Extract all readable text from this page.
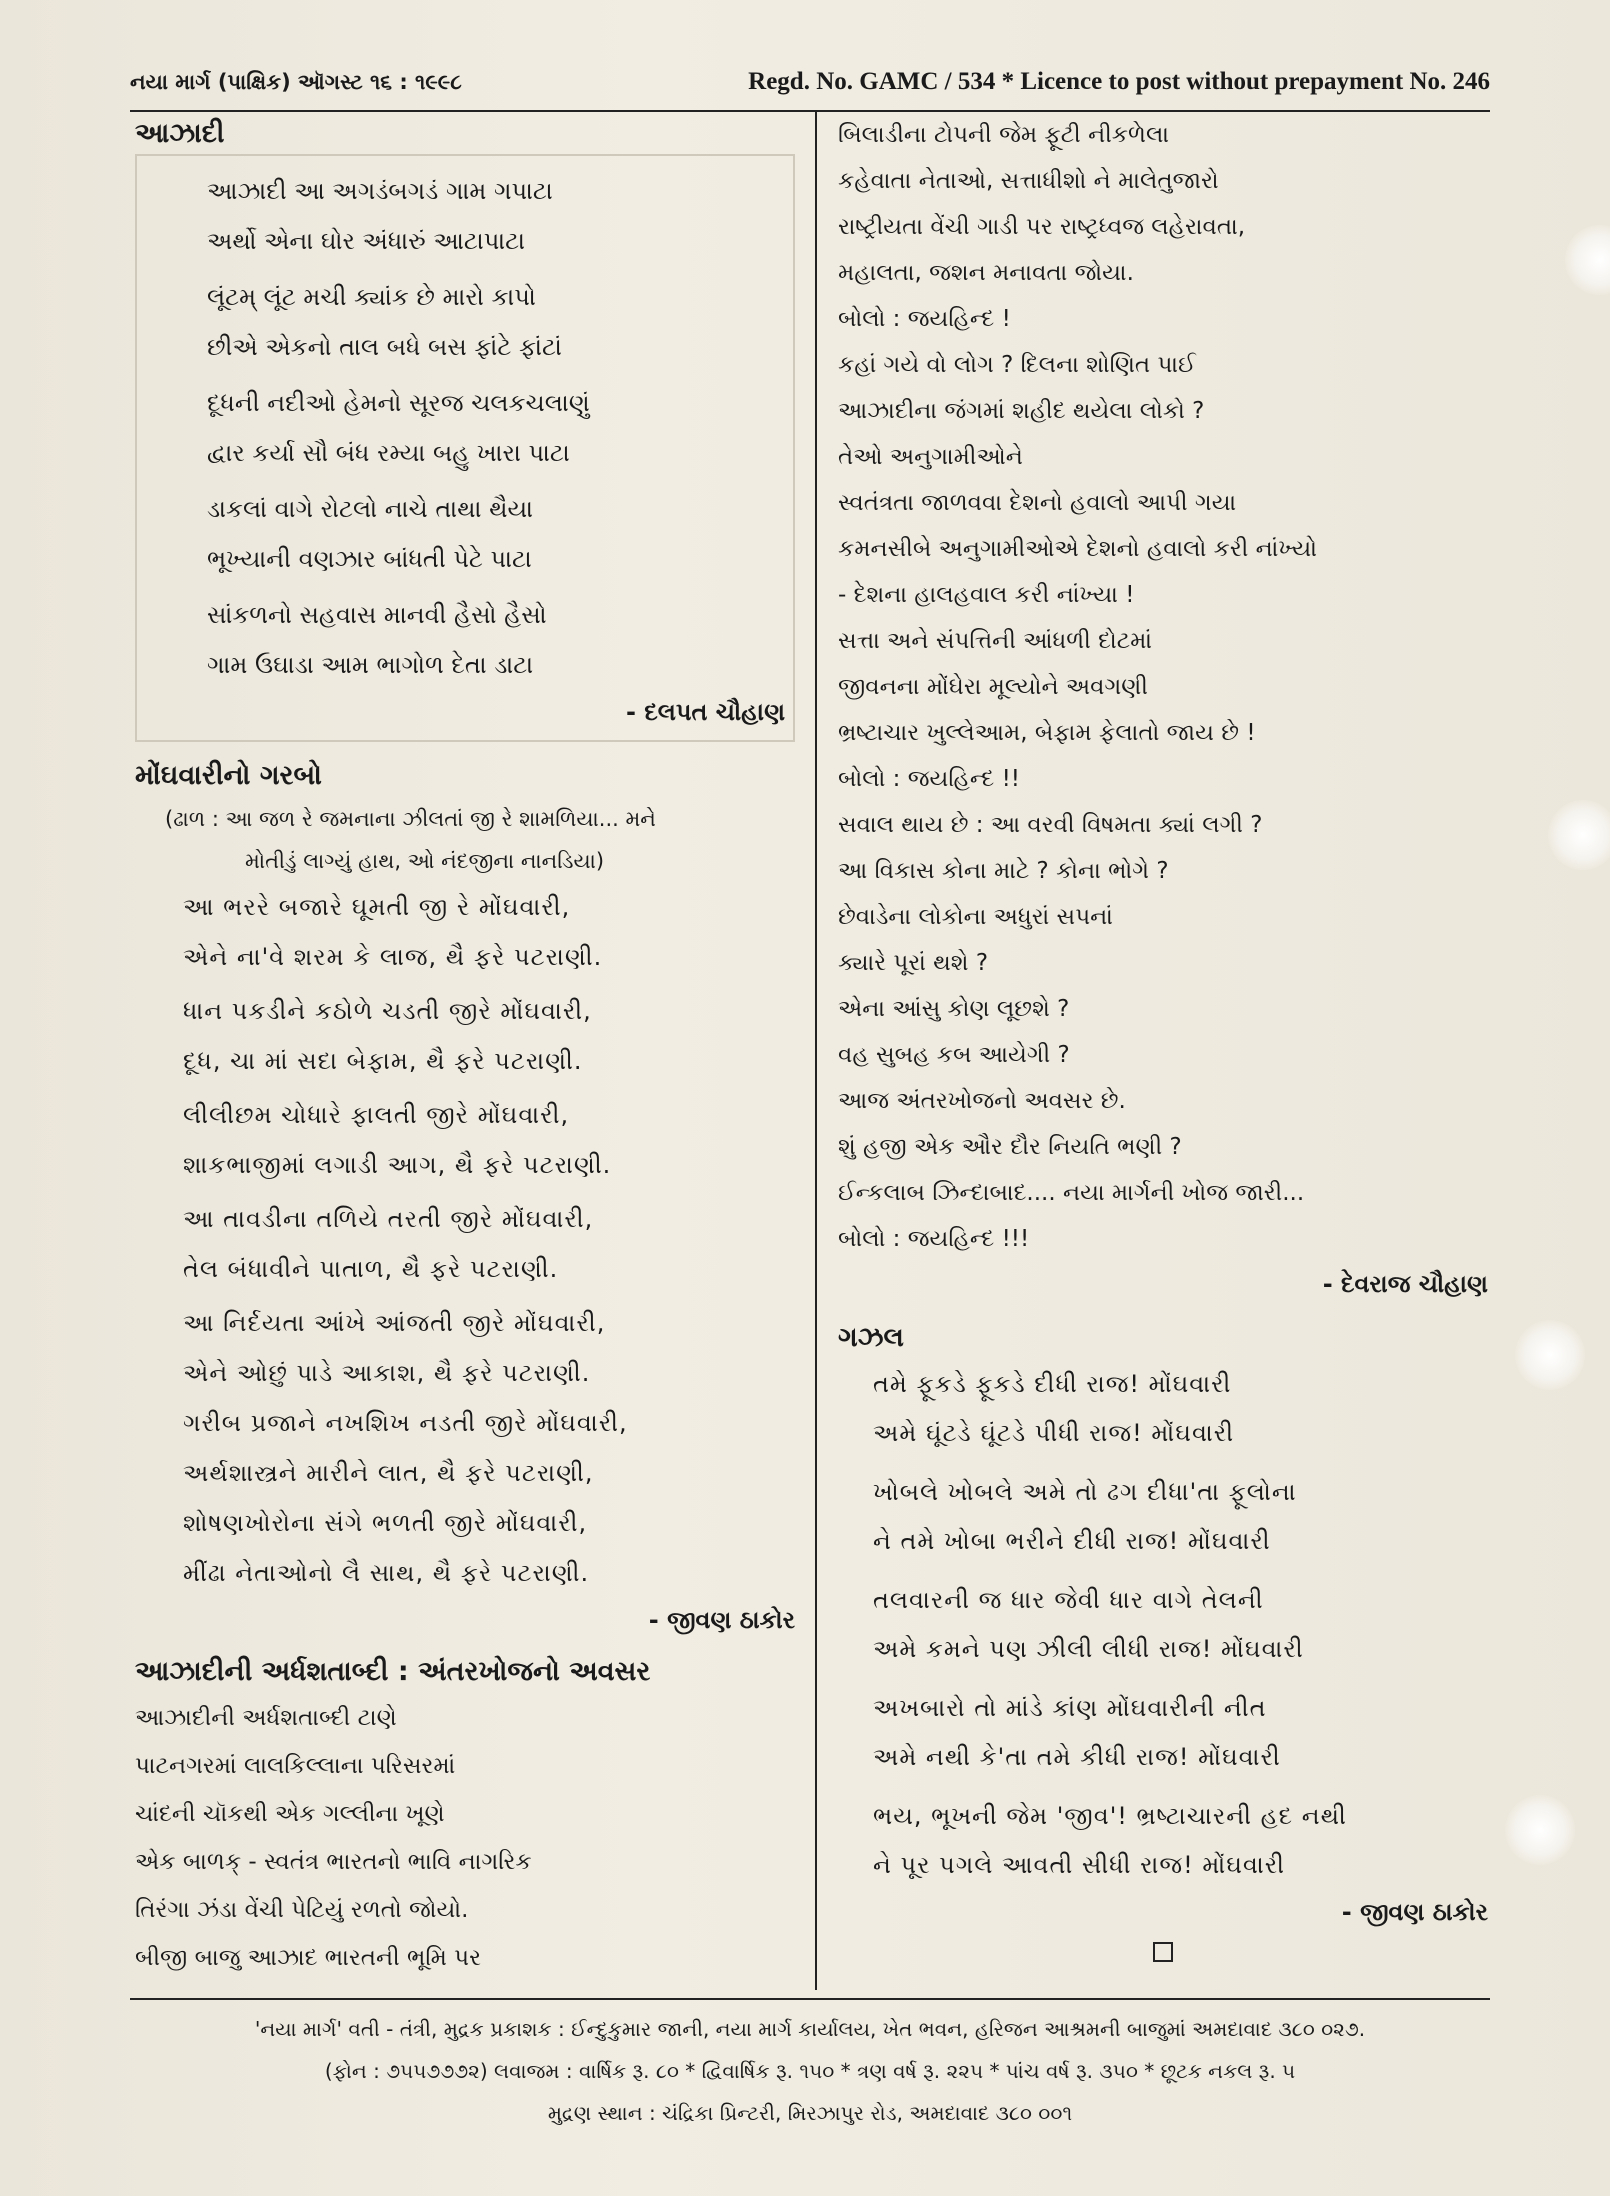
નયા માર્ગ (પાક્ષિક) ઑગસ્ટ ૧૬ : ૧૯૯૮	Regd. No. GAMC / 534 * Licence to post without prepayment No. 246
આઝાદી
આઝાદી આ અગડંબગડં ગામ ગપાટા
અર્થો એના ઘોર અંધારું આટાપાટા
લૂંટમ્ લૂંટ મચી ક્યાંક છે મારો કાપો
છીએ એકનો તાલ બધે બસ ફાંટે ફાંટાં
દૂધની નદીઓ હેમનો સૂરજ ચલકચલાણું
દ્વાર કર્યા સૌ બંધ રમ્યા બહુ ખારા પાટા
ડાકલાં વાગે રોટલો નાચે તાથા થૈયા
ભૂખ્યાની વણઝાર બાંધતી પેટે પાટા
સાંકળનો સહવાસ માનવી હૈસો હૈસો
ગામ ઉઘાડા આમ ભાગોળ દેતા ડાટા
- દલપત ચૌહાણ
મોંઘવારીનો ગરબો
(ઢાળ : આ જળ રે જમનાના ઝીલતાં જી રે શામળિયા... મને
મોતીડું લાગ્યું હાથ, ઓ નંદજીના નાનડિયા)
આ ભરરે બજારે ઘૂમતી જી રે મોંઘવારી,
એને ના'વે શરમ કે લાજ, થૈ ફરે પટરાણી.
ધાન પકડીને કઠોળે ચડતી જીરે મોંઘવારી,
દૂધ, ચા માં સદા બેફામ, થૈ ફરે પટરાણી.
લીલીછમ ચોધારે ફાલતી જીરે મોંઘવારી,
શાકભાજીમાં લગાડી આગ, થૈ ફરે પટરાણી.
આ તાવડીના તળિયે તરતી જીરે મોંઘવારી,
તેલ બંધાવીને પાતાળ, થૈ ફરે પટરાણી.
આ નિર્દયતા આંખે આંજતી જીરે મોંઘવારી,
એને ઓછું પાડે આકાશ, થૈ ફરે પટરાણી.
ગરીબ પ્રજાને નખશિખ નડતી જીરે મોંઘવારી,
અર્થશાસ્ત્રને મારીને લાત, થૈ ફરે પટરાણી,
શોષણખોરોના સંગે ભળતી જીરે મોંઘવારી,
મીંઢા નેતાઓનો લૈ સાથ, થૈ ફરે પટરાણી.
- જીવણ ઠાકોર
આઝાદીની અર્ધશતાબ્દી : અંતરખોજનો અવસર
આઝાદીની અર્ધશતાબ્દી ટાણે
પાટનગરમાં લાલકિલ્લાના પરિસરમાં
ચાંદની ચૉકથી એક ગલ્લીના ખૂણે
એક બાળક્ - સ્વતંત્ર ભારતનો ભાવિ નાગરિક
તિરંગા ઝંડા વેંચી પેટિયું રળતો જોયો.
બીજી બાજુ આઝાદ ભારતની ભૂમિ પર
બિલાડીના ટોપની જેમ ફૂટી નીકળેલા
કહેવાતા નેતાઓ, સત્તાધીશો ને માલેતુજારો
રાષ્ટ્રીયતા વેંચી ગાડી પર રાષ્ટ્રધ્વજ લહેરાવતા,
મહાલતા, જશન મનાવતા જોયા.
બોલો : જયહિન્દ !
કહાં ગયે વો લોગ ? દિલના શોણિત પાઈ
આઝાદીના જંગમાં શહીદ થયેલા લોકો ?
તેઓ અનુગામીઓને
સ્વતંત્રતા જાળવવા દેશનો હવાલો આપી ગયા
કમનસીબે અનુગામીઓએ દેશનો હવાલો કરી નાંખ્યો
- દેશના હાલહવાલ કરી નાંખ્યા !
સત્તા અને સંપત્તિની આંધળી દોટમાં
જીવનના મોંઘેરા મૂલ્યોને અવગણી
ભ્રષ્ટાચાર ખુલ્લેઆમ, બેફામ ફેલાતો જાય છે !
બોલો : જયહિન્દ !!
સવાલ થાય છે : આ વરવી વિષમતા ક્યાં લગી ?
આ વિકાસ કોના માટે ? કોના ભોગે ?
છેવાડેના લોકોના અધુરાં સપનાં
ક્યારે પૂરાં થશે ?
એના આંસુ કોણ લૂછશે ?
વહ સુબહ કબ આયેગી ?
આજ અંતરખોજનો અવસર છે.
શું હજી એક ઔર દૌર નિયતિ ભણી ?
ઈન્કલાબ ઝિન્દાબાદ.... નયા માર્ગની ખોજ જારી...
બોલો : જયહિન્દ !!!
- દેવરાજ ચૌહાણ
ગઝલ
તમે ફૂકડે ફૂકડે દીધી રાજ! મોંઘવારી
અમે ઘૂંટડે ઘૂંટડે પીધી રાજ! મોંઘવારી
ખોબલે ખોબલે અમે તો ઢગ દીધા'તા ફૂલોના
ને તમે ખોબા ભરીને દીધી રાજ! મોંઘવારી
તલવારની જ ધાર જેવી ધાર વાગે તેલની
અમે કમને પણ ઝીલી લીધી રાજ! મોંઘવારી
અખબારો તો માંડે કાંણ મોંઘવારીની નીત
અમે નથી કે'તા તમે કીધી રાજ! મોંઘવારી
ભય, ભૂખની જેમ 'જીવ'! ભ્રષ્ટાચારની હદ નથી
ને પૂર પગલે આવતી સીધી રાજ! મોંઘવારી
- જીવણ ઠાકોર
'નયા માર્ગ' વતી - તંત્રી, મુદ્રક પ્રકાશક : ઈન્દુકુમાર જાની, નયા માર્ગ કાર્યાલય, ખેત ભવન, હરિજન આશ્રમની બાજુમાં અમદાવાદ ૩૮૦ ૦૨૭.
(ફોન : ૭૫૫૭૭૭૨) લવાજમ : વાર્ષિક રૂ. ૮૦ * દ્વિવાર્ષિક રૂ. ૧૫૦ * ત્રણ વર્ષ રૂ. ૨૨૫ * પાંચ વર્ષ રૂ. ૩૫૦ * છૂટક નકલ રૂ. ૫
મુદ્રણ સ્થાન : ચંદ્રિકા પ્રિન્ટરી, મિરઝાપુર રોડ, અમદાવાદ ૩૮૦ ૦૦૧
